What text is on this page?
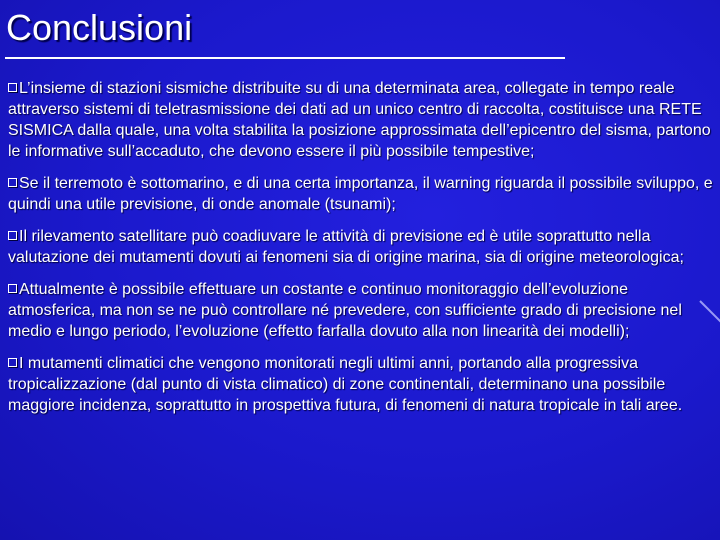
Conclusioni
L’insieme di stazioni sismiche distribuite su di una determinata area, collegate in tempo reale attraverso sistemi di teletrasmissione dei dati ad un unico centro di raccolta, costituisce una RETE SISMICA dalla quale, una volta stabilita la posizione approssimata dell’epicentro del sisma, partono le informative sull’accaduto, che devono essere il più possibile tempestive;
Se il terremoto è sottomarino, e di una certa importanza, il warning riguarda il possibile sviluppo, e quindi una utile previsione, di onde anomale (tsunami);
Il rilevamento satellitare può coadiuvare le attività di previsione ed è utile soprattutto nella valutazione dei mutamenti dovuti ai fenomeni sia di origine marina, sia di origine meteorologica;
Attualmente è possibile effettuare un costante e continuo monitoraggio dell’evoluzione atmosferica, ma non se ne può controllare né prevedere, con sufficiente grado di precisione nel medio e lungo periodo, l’evoluzione (effetto farfalla dovuto alla non linearità dei modelli);
I mutamenti climatici che vengono monitorati negli ultimi anni, portando alla progressiva tropicalizzazione (dal punto di vista climatico) di zone continentali, determinano una possibile maggiore incidenza, soprattutto in prospettiva futura, di fenomeni di natura tropicale in tali aree.
